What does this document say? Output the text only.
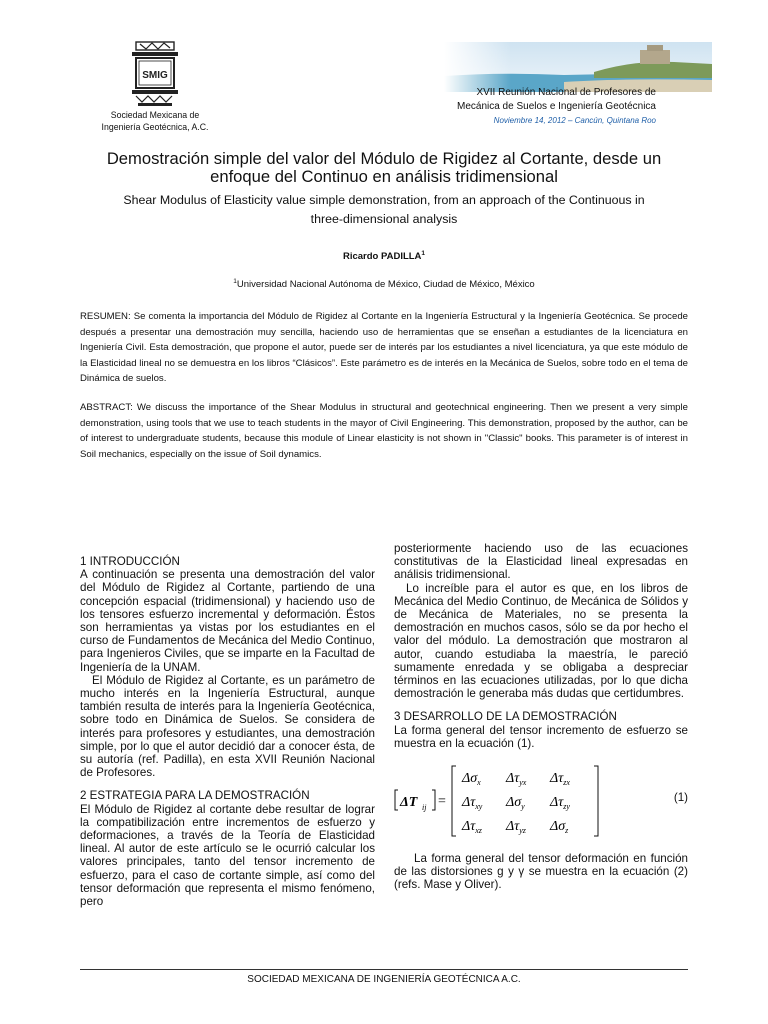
SMIG
Sociedad Mexicana de
Ingeniería Geotécnica, A.C.
XVII Reunión Nacional de Profesores de
Mecánica de Suelos e Ingeniería Geotécnica
Noviembre 14, 2012 – Cancún, Quintana Roo
Demostración simple del valor del Módulo de Rigidez al Cortante, desde un
enfoque del Continuo en análisis tridimensional
Shear Modulus of Elasticity value simple demonstration, from an approach of the Continuous in
three-dimensional analysis
Ricardo PADILLA$^1$
$^1$Universidad Nacional Autónoma de México, Ciudad de México, México
RESUMEN: Se comenta la importancia del Módulo de Rigidez al Cortante en la Ingeniería Estructural y la Ingeniería Geotécnica. Se procede después a presentar una demostración muy sencilla, haciendo uso de herramientas que se enseñan a estudiantes de la licenciatura en Ingeniería Civil. Esta demostración, que propone el autor, puede ser de interés par los estudiantes a nivel licenciatura, ya que este módulo de la Elasticidad lineal no se demuestra en los libros “Clásicos”. Este parámetro es de interés en la Mecánica de Suelos, sobre todo en el tema de Dinámica de suelos.
ABSTRACT: We discuss the importance of the Shear Modulus in structural and geotechnical engineering. Then we present a very simple demonstration, using tools that we use to teach students in the mayor of Civil Engineering. This demonstration, proposed by the author, can be of interest to undergraduate students, because this module of Linear elasticity is not shown in "Classic" books. This parameter is of interest in Soil mechanics, especially on the issue of Soil dynamics.
1 INTRODUCCIÓN

A continuación se presenta una demostración del valor del Módulo de Rigidez al Cortante, partiendo de una concepción espacial (tridimensional) y haciendo uso de los tensores esfuerzo incremental y deformación. Éstos son herramientas ya vistas por los estudiantes en el curso de Fundamentos de Mecánica del Medio Continuo, para Ingenieros Civiles, que se imparte en la Facultad de Ingeniería de la UNAM.

El Módulo de Rigidez al Cortante, es un parámetro de mucho interés en la Ingeniería Estructural, aunque también resulta de interés para la Ingeniería Geotécnica, sobre todo en Dinámica de Suelos. Se considera de interés para profesores y estudiantes, una demostración simple, por lo que el autor decidió dar a conocer ésta, de su autoría (ref. Padilla), en esta XVII Reunión Nacional de Profesores.

2 ESTRATEGIA PARA LA DEMOSTRACIÓN

El Módulo de Rigidez al cortante debe resultar de lograr la compatibilización entre incrementos de esfuerzo y deformaciones, a través de la Teoría de Elasticidad lineal. Al autor de este artículo se le ocurrió calcular los valores principales, tanto del tensor incremento de esfuerzo, para el caso de cortante simple, así como del tensor deformación que representa el mismo fenómeno, pero

posteriormente haciendo uso de las ecuaciones constitutivas de la Elasticidad lineal expresadas en análisis tridimensional.

Lo increíble para el autor es que, en los libros de Mecánica del Medio Continuo, de Mecánica de Sólidos y de Mecánica de Materiales, no se presenta la demostración en muchos casos, sólo se da por hecho el valor del módulo. La demostración que mostraron al autor, cuando estudiaba la maestría, le pareció sumamente enredada y se obligaba a despreciar términos en las ecuaciones utilizadas, por lo que dicha demostración le generaba más dudas que certidumbres.

3 DESARROLLO DE LA DEMOSTRACIÓN

La forma general del tensor incremento de esfuerzo se muestra en la ecuación (1).

ΔT ij =
$\Delta\sigma_x$ $\Delta\tau_{yx}$ $\Delta\tau_{zx}$
$\Delta\tau_{xy}$ $\Delta\sigma_y$ $\Delta\tau_{zy}$
$\Delta\tau_{xz}$ $\Delta\tau_{yz}$ $\Delta\sigma_z$
(1)

La forma general del tensor deformación en función de las distorsiones g y γ se muestra en la ecuación (2) (refs. Mase y Oliver).

SOCIEDAD MEXICANA DE INGENIERÍA GEOTÉCNICA A.C.
